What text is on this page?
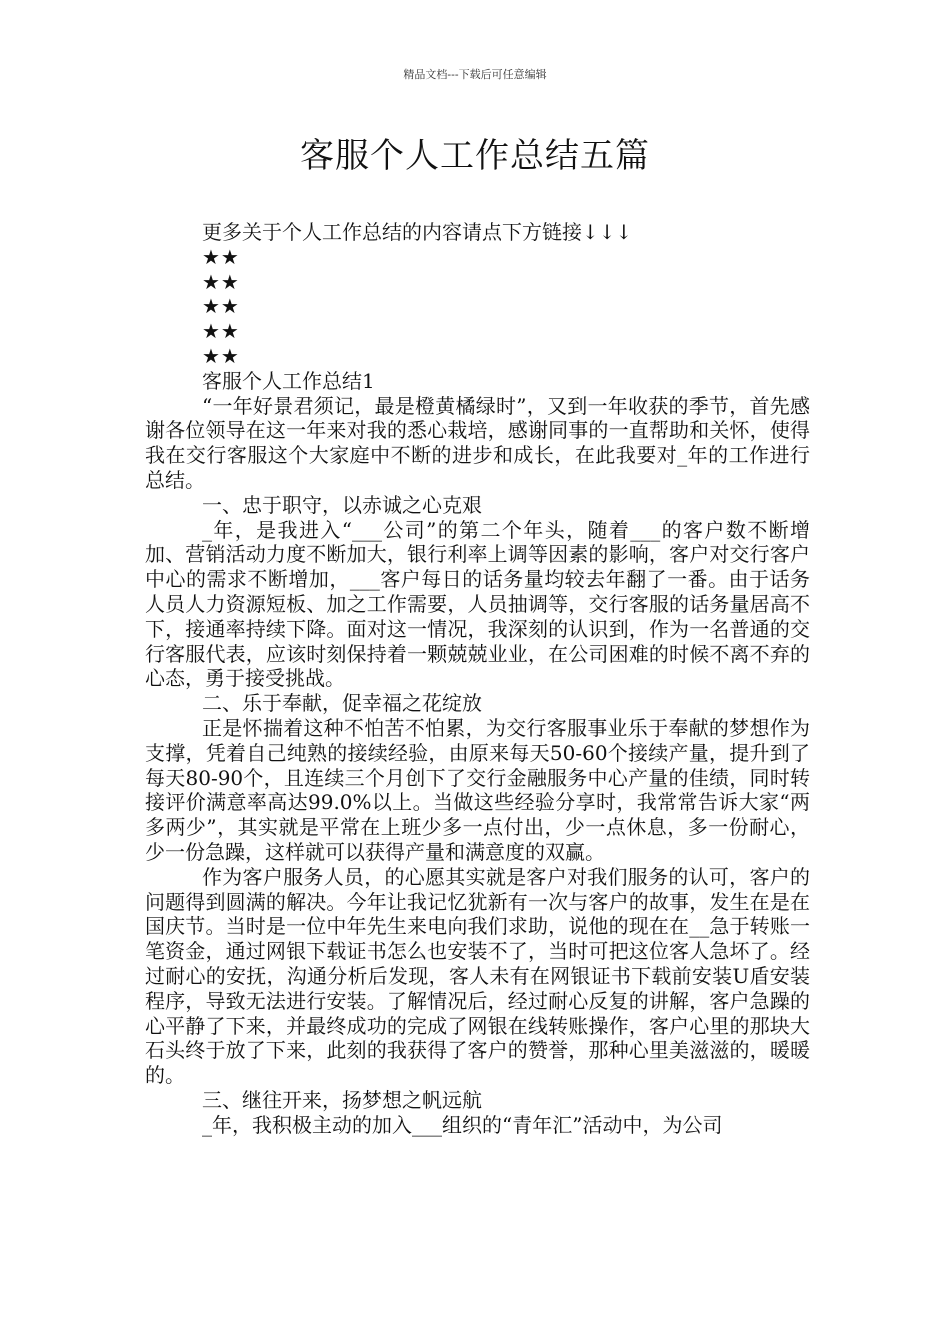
精品文档---下载后可任意编辑
客服个人工作总结五篇
更多关于个人工作总结的内容请点下方链接↓↓↓
★★
★★
★★
★★
★★
客服个人工作总结1
“一年好景君须记，最是橙黄橘绿时”，又到一年收获的季节，首先感谢各位领导在这一年来对我的悉心栽培，感谢同事的一直帮助和关怀，使得我在交行客服这个大家庭中不断的进步和成长，在此我要对_年的工作进行总结。
一、忠于职守，以赤诚之心克艰
_年，是我进入“___公司”的第二个年头，随着___的客户数不断增加、营销活动力度不断加大，银行利率上调等因素的影响，客户对交行客户中心的需求不断增加，___客户每日的话务量均较去年翻了一番。由于话务人员人力资源短板、加之工作需要，人员抽调等，交行客服的话务量居高不下，接通率持续下降。面对这一情况，我深刻的认识到，作为一名普通的交行客服代表，应该时刻保持着一颗兢兢业业，在公司困难的时候不离不弃的心态，勇于接受挑战。
二、乐于奉献，促幸福之花绽放
正是怀揣着这种不怕苦不怕累，为交行客服事业乐于奉献的梦想作为支撑，凭着自己纯熟的接续经验，由原来每天50-60个接续产量，提升到了每天80-90个，且连续三个月创下了交行金融服务中心产量的佳绩，同时转接评价满意率高达99.0%以上。当做这些经验分享时，我常常告诉大家“两多两少”，其实就是平常在上班少多一点付出，少一点休息，多一份耐心，少一份急躁，这样就可以获得产量和满意度的双赢。
作为客户服务人员，的心愿其实就是客户对我们服务的认可，客户的问题得到圆满的解决。今年让我记忆犹新有一次与客户的故事，发生在是在国庆节。当时是一位中年先生来电向我们求助，说他的现在在__急于转账一笔资金，通过网银下载证书怎么也安装不了，当时可把这位客人急坏了。经过耐心的安抚，沟通分析后发现，客人未有在网银证书下载前安装U盾安装程序，导致无法进行安装。了解情况后，经过耐心反复的讲解，客户急躁的心平静了下来，并最终成功的完成了网银在线转账操作，客户心里的那块大石头终于放了下来，此刻的我获得了客户的赞誉，那种心里美滋滋的，暖暖的。
三、继往开来，扬梦想之帆远航
_年，我积极主动的加入___组织的“青年汇”活动中，为公司
